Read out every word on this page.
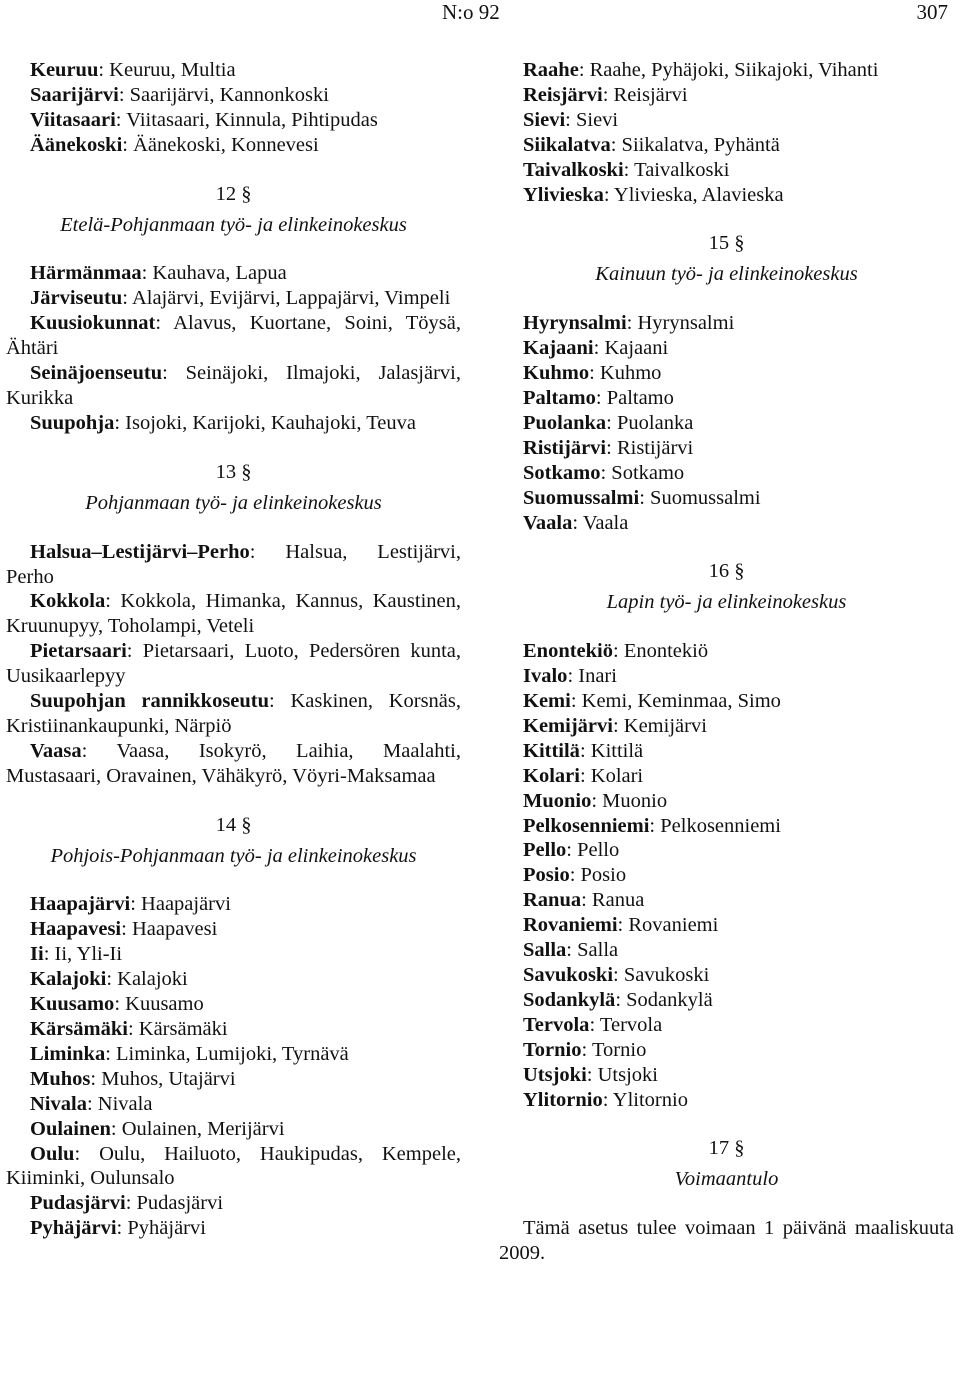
N:o 92	307
Keuruu: Keuruu, Multia
Saarijärvi: Saarijärvi, Kannonkoski
Viitasaari: Viitasaari, Kinnula, Pihtipudas
Äänekoski: Äänekoski, Konnevesi
12 §
Etelä-Pohjanmaan työ- ja elinkeinokeskus
Härmänmaa: Kauhava, Lapua
Järviseutu: Alajärvi, Evijärvi, Lappajärvi, Vimpeli
Kuusiokunnat: Alavus, Kuortane, Soini, Töysä, Ähtäri
Seinäjoenseutu: Seinäjoki, Ilmajoki, Jalasjärvi, Kurikka
Suupohja: Isojoki, Karijoki, Kauhajoki, Teuva
13 §
Pohjanmaan työ- ja elinkeinokeskus
Halsua–Lestijärvi–Perho: Halsua, Lestijärvi, Perho
Kokkola: Kokkola, Himanka, Kannus, Kaustinen, Kruunupyy, Toholampi, Veteli
Pietarsaari: Pietarsaari, Luoto, Pedersören kunta, Uusikaarlepyy
Suupohjan rannikkoseutu: Kaskinen, Korsnäs, Kristiinankaupunki, Närpiö
Vaasa: Vaasa, Isokyrö, Laihia, Maalahti, Mustasaari, Oravainen, Vähäkyrö, Vöyri-Maksamaa
14 §
Pohjois-Pohjanmaan työ- ja elinkeinokeskus
Haapajärvi: Haapajärvi
Haapavesi: Haapavesi
Ii: Ii, Yli-Ii
Kalajoki: Kalajoki
Kuusamo: Kuusamo
Kärsämäki: Kärsämäki
Liminka: Liminka, Lumijoki, Tyrnävä
Muhos: Muhos, Utajärvi
Nivala: Nivala
Oulainen: Oulainen, Merijärvi
Oulu: Oulu, Hailuoto, Haukipudas, Kempele, Kiiminki, Oulunsalo
Pudasjärvi: Pudasjärvi
Pyhäjärvi: Pyhäjärvi
Raahe: Raahe, Pyhäjoki, Siikajoki, Vihanti
Reisjärvi: Reisjärvi
Sievi: Sievi
Siikalatva: Siikalatva, Pyhäntä
Taivalkoski: Taivalkoski
Ylivieska: Ylivieska, Alavieska
15 §
Kainuun työ- ja elinkeinokeskus
Hyrynsalmi: Hyrynsalmi
Kajaani: Kajaani
Kuhmo: Kuhmo
Paltamo: Paltamo
Puolanka: Puolanka
Ristijärvi: Ristijärvi
Sotkamo: Sotkamo
Suomussalmi: Suomussalmi
Vaala: Vaala
16 §
Lapin työ- ja elinkeinokeskus
Enontekiö: Enontekiö
Ivalo: Inari
Kemi: Kemi, Keminmaa, Simo
Kemijärvi: Kemijärvi
Kittilä: Kittilä
Kolari: Kolari
Muonio: Muonio
Pelkosenniemi: Pelkosenniemi
Pello: Pello
Posio: Posio
Ranua: Ranua
Rovaniemi: Rovaniemi
Salla: Salla
Savukoski: Savukoski
Sodankylä: Sodankylä
Tervola: Tervola
Tornio: Tornio
Utsjoki: Utsjoki
Ylitornio: Ylitornio
17 §
Voimaantulo
Tämä asetus tulee voimaan 1 päivänä maaliskuuta 2009.
